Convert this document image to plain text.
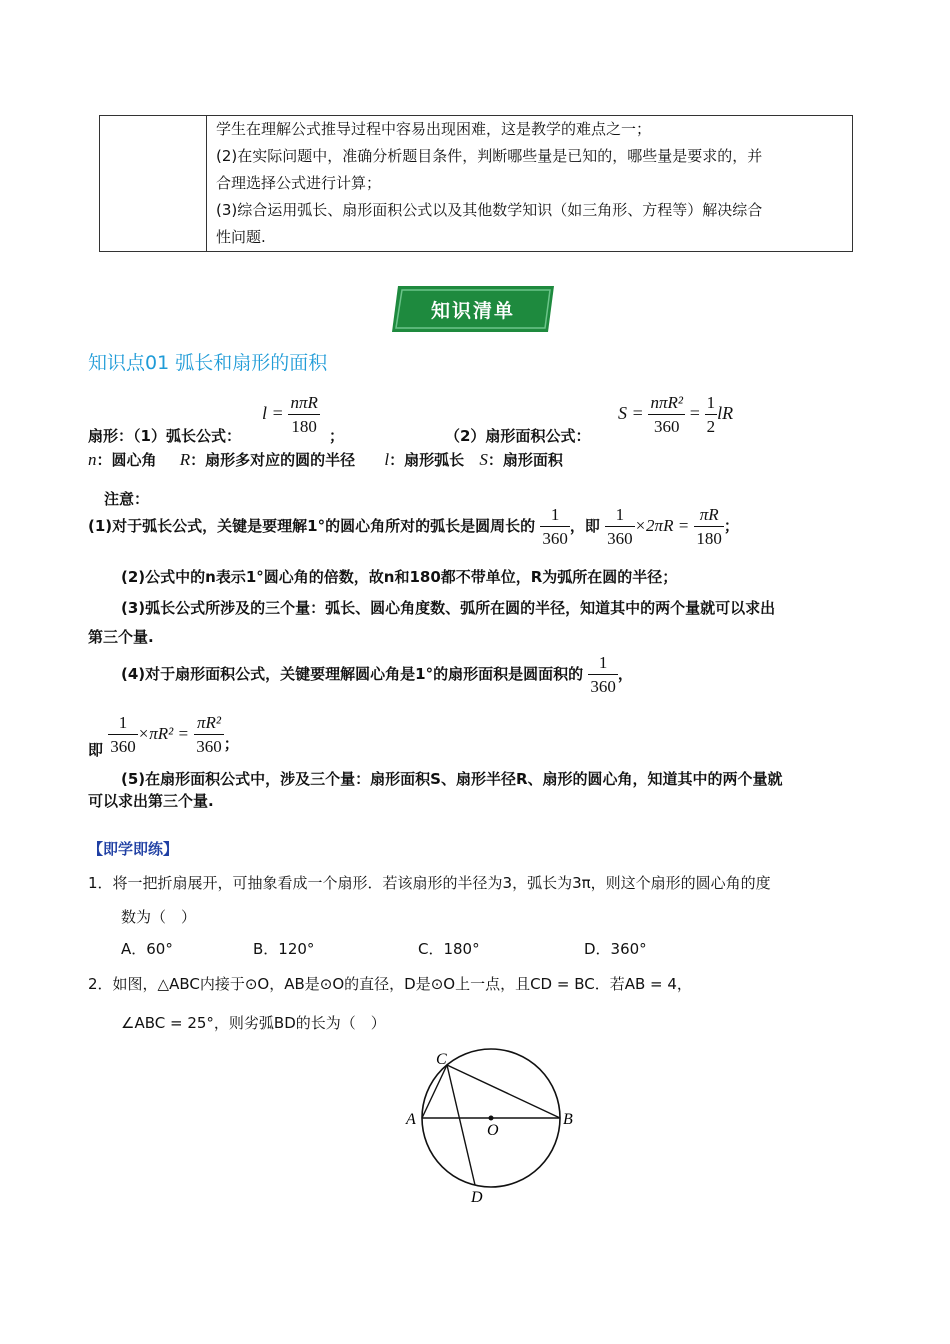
学生在理解公式推导过程中容易出现困难，这是教学的难点之一；
(2)在实际问题中，准确分析题目条件，判断哪些量是已知的，哪些量是要求的，并
合理选择公式进行计算；
(3)综合运用弧长、扇形面积公式以及其他数学知识（如三角形、方程等）解决综合
性问题.
知识清单
知识点01 弧长和扇形的面积
扇形：（1）弧长公式：
$l = \frac{\text{nπR}}{180}$
；	（2）扇形面积公式：
$S = \frac{\text{nπR²}}{360} = \frac{1}{2}$ lR
n：圆心角 R：扇形多对应的圆的半径 l：扇形弧长 S：扇形面积
注意：
(1)对于弧长公式，关键是要理解1°的圆心角所对的弧长是圆周长的 $\frac{1}{360}$ ，即 $\frac{1}{360} \times 2\pi R = \frac{\pi R}{180}$ ；
(2)公式中的n表示1°圆心角的倍数，故n和180都不带单位，R为弧所在圆的半径；
(3)弧长公式所涉及的三个量：弧长、圆心角度数、弧所在圆的半径，知道其中的两个量就可以求出
第三个量.
(4)对于扇形面积公式，关键要理解圆心角是1°的扇形面积是圆面积的 $\frac{1}{360}$ ，
即 $\frac{1}{360} \times\pi R^2 = \frac{\text{πR²}}{360}$ ；
(5)在扇形面积公式中，涉及三个量：扇形面积S、扇形半径R、扇形的圆心角，知道其中的两个量就
可以求出第三个量.
【即学即练】
1．将一把折扇展开，可抽象看成一个扇形．若该扇形的半径为3，弧长为3π，则这个扇形的圆心角的度
数为（　）
A．60°	B．120°	C．180°	D．360°
2．如图，△ABC内接于⊙O，AB是⊙O的直径，D是⊙O上一点，且CD = BC．若AB = 4，
∠ABC = 25°，则劣弧BD的长为（　）
C
A	B
O
D
